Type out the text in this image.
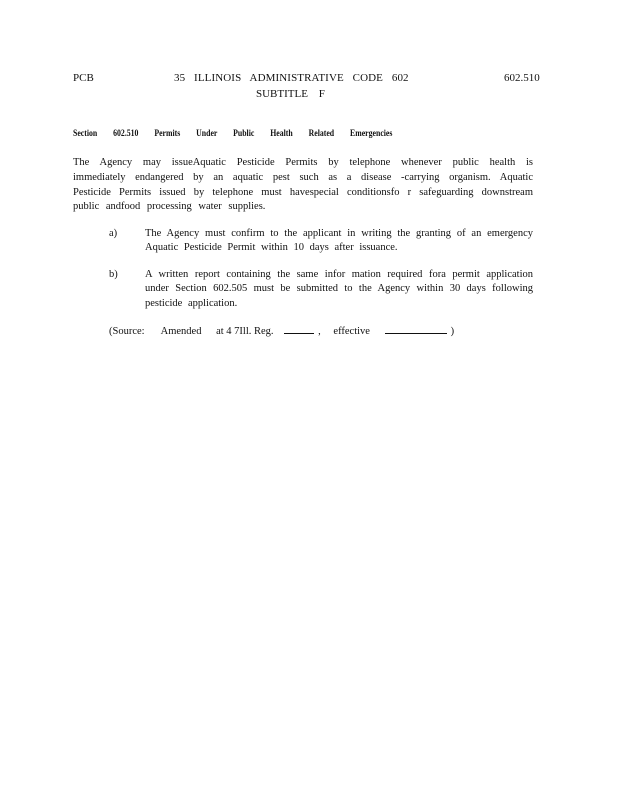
PCB	35 ILLINOIS ADMINISTRATIVE CODE 602	602.510
SUBTITLE F
Section 602.510 Permits Under Public Health Related Emergencies
The Agency may issueAquatic Pesticide Permits by telephone whenever public health is immediately endangered by an aquatic pest such as a disease -carrying organism. Aquatic Pesticide Permits issued by telephone must havespecial conditionsfo r safeguarding downstream public andfood processing water supplies.
a)	The Agency must confirm to the applicant in writing the granting of an emergency Aquatic Pesticide Permit within 10 days after issuance.
b)	A written report containing the same infor mation required fora permit application under Section 602.505 must be submitted to the Agency within 30 days following pesticide application.
(Source: Amended at 4 7Ill. Reg.	, effective	)
